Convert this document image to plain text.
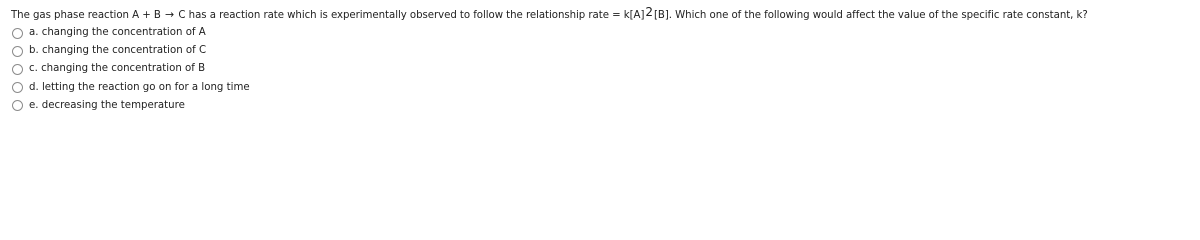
The gas phase reaction A + B → C has a reaction rate which is experimentally observed to follow the relationship rate = k[A]2[B]. Which one of the following would affect the value of the specific rate constant, k?
a. changing the concentration of A
b. changing the concentration of C
c. changing the concentration of B
d. letting the reaction go on for a long time
e. decreasing the temperature
